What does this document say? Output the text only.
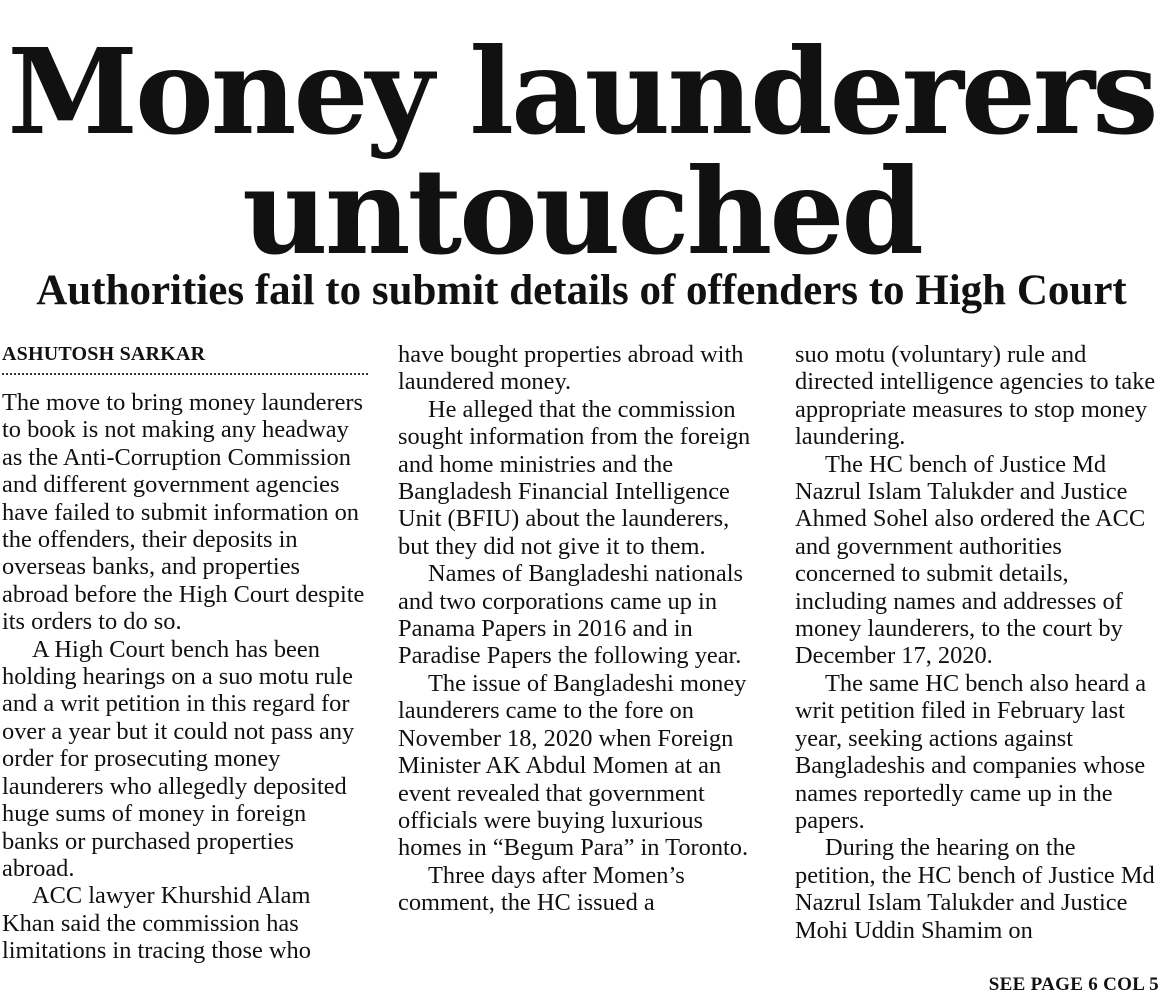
Money launderers
untouched
Authorities fail to submit details of offenders to High Court
ASHUTOSH SARKAR

The move to bring money launderers to book is not making any headway as the Anti-Corruption Commission and different government agencies have failed to submit information on the offenders, their deposits in overseas banks, and properties abroad before the High Court despite its orders to do so.

A High Court bench has been holding hearings on a suo motu rule and a writ petition in this regard for over a year but it could not pass any order for prosecuting money launderers who allegedly deposited huge sums of money in foreign banks or purchased properties abroad.

ACC lawyer Khurshid Alam Khan said the commission has limitations in tracing those who

have bought properties abroad with laundered money.

He alleged that the commission sought information from the foreign and home ministries and the Bangladesh Financial Intelligence Unit (BFIU) about the launderers, but they did not give it to them.

Names of Bangladeshi nationals and two corporations came up in Panama Papers in 2016 and in Paradise Papers the following year.

The issue of Bangladeshi money launderers came to the fore on November 18, 2020 when Foreign Minister AK Abdul Momen at an event revealed that government officials were buying luxurious homes in “Begum Para” in Toronto.

Three days after Momen’s comment, the HC issued a

suo motu (voluntary) rule and directed intelligence agencies to take appropriate measures to stop money laundering.

The HC bench of Justice Md Nazrul Islam Talukder and Justice Ahmed Sohel also ordered the ACC and government authorities concerned to submit details, including names and addresses of money launderers, to the court by December 17, 2020.

The same HC bench also heard a writ petition filed in February last year, seeking actions against Bangladeshis and companies whose names reportedly came up in the papers.

During the hearing on the petition, the HC bench of Justice Md Nazrul Islam Talukder and Justice Mohi Uddin Shamim on

SEE PAGE 6 COL 5
